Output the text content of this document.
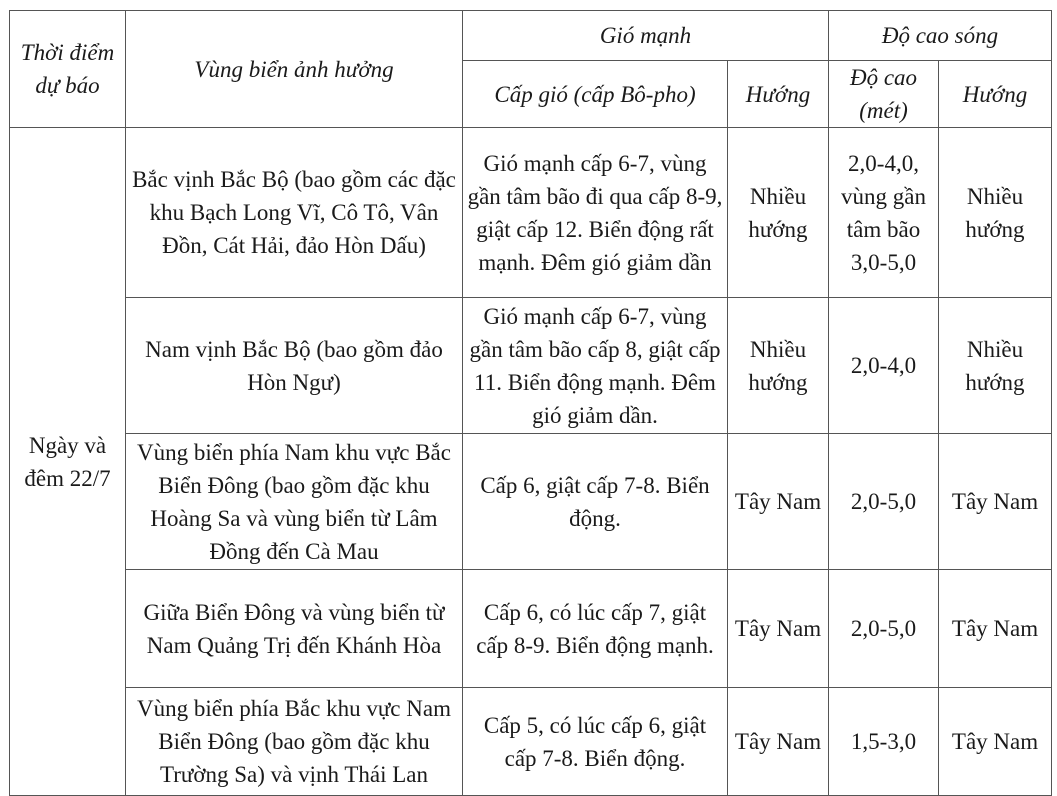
Thời điểm dự báo	Vùng biển ảnh hưởng	Gió mạnh		Độ cao sóng	

		Cấp gió (cấp Bô-pho)	Hướng	Độ cao (mét)	Hướng

Ngày và đêm 22/7	Bắc vịnh Bắc Bộ (bao gồm các đặc khu Bạch Long Vĩ, Cô Tô, Vân Đồn, Cát Hải, đảo Hòn Dấu)	Gió mạnh cấp 6-7, vùng gần tâm bão đi qua cấp 8-9, giật cấp 12. Biển động rất mạnh. Đêm gió giảm dần	Nhiều hướng	2,0-4,0, vùng gần tâm bão 3,0-5,0	Nhiều hướng

	Nam vịnh Bắc Bộ (bao gồm đảo Hòn Ngư)	Gió mạnh cấp 6-7, vùng gần tâm bão cấp 8, giật cấp 11. Biển động mạnh. Đêm gió giảm dần.	Nhiều hướng	2,0-4,0	Nhiều hướng

	Vùng biển phía Nam khu vực Bắc Biển Đông (bao gồm đặc khu Hoàng Sa và vùng biển từ Lâm Đồng đến Cà Mau	Cấp 6, giật cấp 7-8. Biển động.	Tây Nam	2,0-5,0	Tây Nam

	Giữa Biển Đông và vùng biển từ Nam Quảng Trị đến Khánh Hòa	Cấp 6, có lúc cấp 7, giật cấp 8-9. Biển động mạnh.	Tây Nam	2,0-5,0	Tây Nam

	Vùng biển phía Bắc khu vực Nam Biển Đông (bao gồm đặc khu Trường Sa) và vịnh Thái Lan	Cấp 5, có lúc cấp 6, giật cấp 7-8. Biển động.	Tây Nam	1,5-3,0	Tây Nam
